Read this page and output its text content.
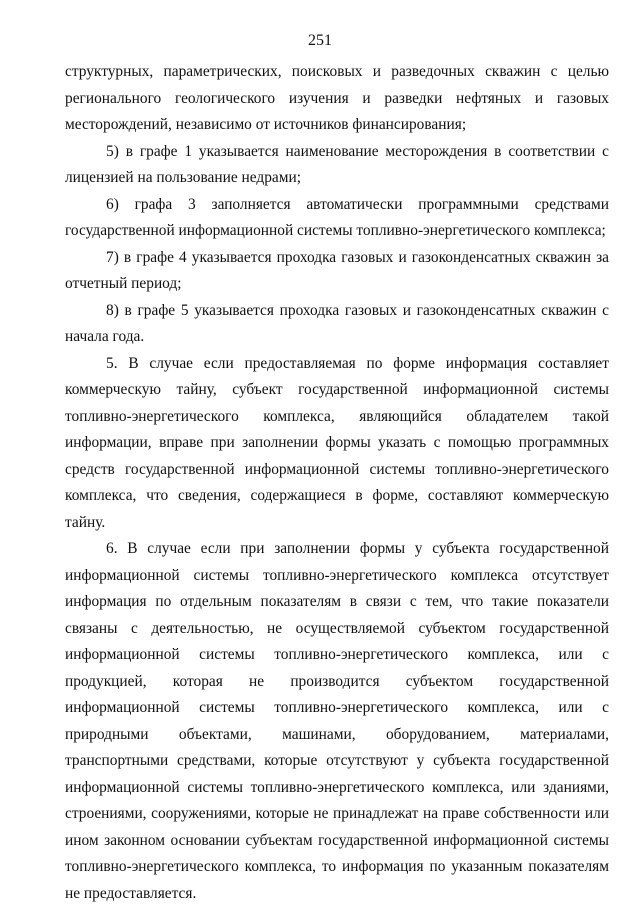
251

структурных, параметрических, поисковых и разведочных скважин с целью регионального геологического изучения и разведки нефтяных и газовых месторождений, независимо от источников финансирования;

5) в графе 1 указывается наименование месторождения в соответствии с лицензией на пользование недрами;

6) графа 3 заполняется автоматически программными средствами государственной информационной системы топливно-энергетического комплекса;

7) в графе 4 указывается проходка газовых и газоконденсатных скважин за отчетный период;

8) в графе 5 указывается проходка газовых и газоконденсатных скважин с начала года.

5. В случае если предоставляемая по форме информация составляет коммерческую тайну, субъект государственной информационной системы топливно-энергетического комплекса, являющийся обладателем такой информации, вправе при заполнении формы указать с помощью программных средств государственной информационной системы топливно-энергетического комплекса, что сведения, содержащиеся в форме, составляют коммерческую тайну.

6. В случае если при заполнении формы у субъекта государственной информационной системы топливно-энергетического комплекса отсутствует информация по отдельным показателям в связи с тем, что такие показатели связаны с деятельностью, не осуществляемой субъектом государственной информационной системы топливно-энергетического комплекса, или с продукцией, которая не производится субъектом государственной информационной системы топливно-энергетического комплекса, или с природными объектами, машинами, оборудованием, материалами, транспортными средствами, которые отсутствуют у субъекта государственной информационной системы топливно-энергетического комплекса, или зданиями, строениями, сооружениями, которые не принадлежат на праве собственности или ином законном основании субъектам государственной информационной системы топливно-энергетического комплекса, то информация по указанным показателям не предоставляется.
